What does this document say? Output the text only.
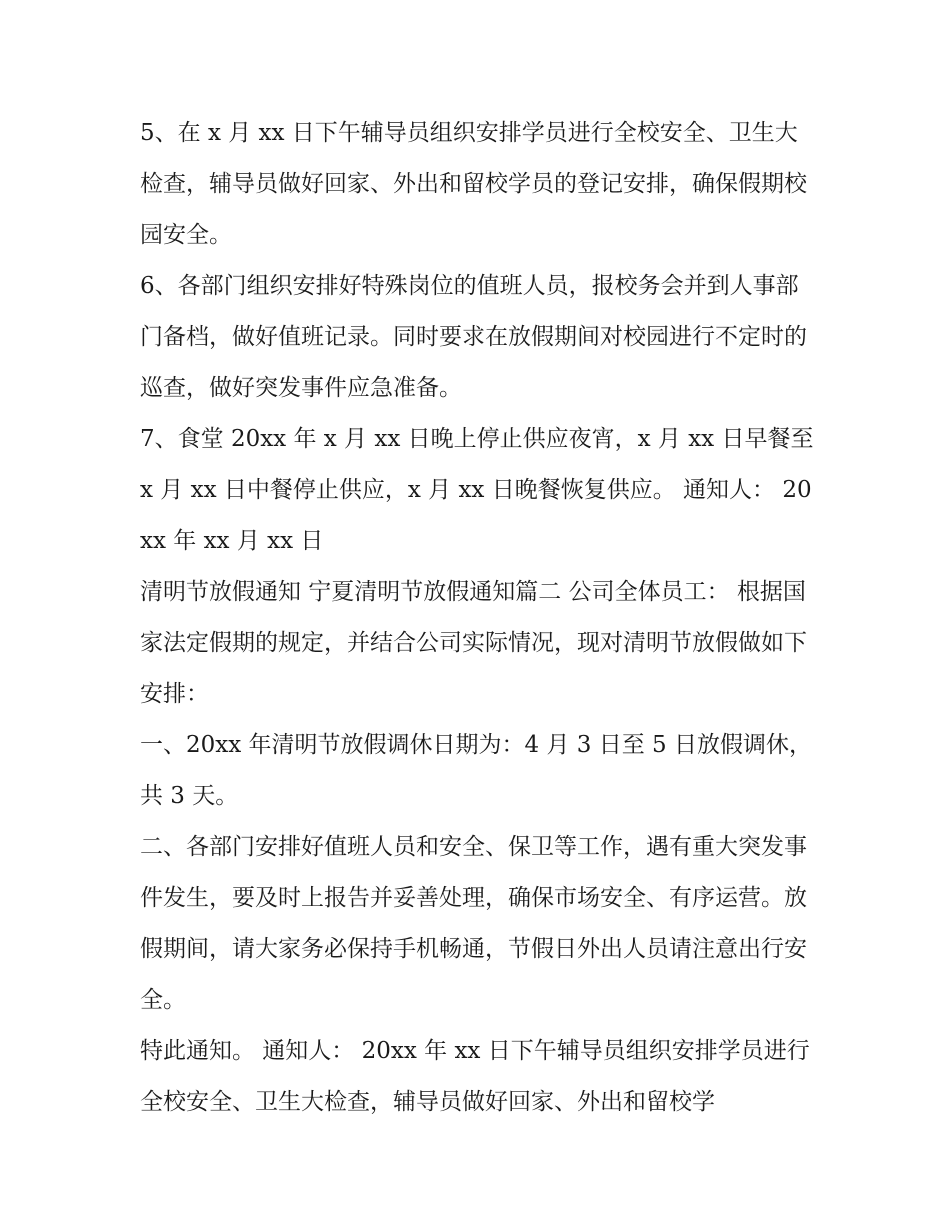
5、在 x 月 xx 日下午辅导员组织安排学员进行全校安全、卫生大检查，辅导员做好回家、外出和留校学员的登记安排，确保假期校园安全。

6、各部门组织安排好特殊岗位的值班人员，报校务会并到人事部门备档，做好值班记录。同时要求在放假期间对校园进行不定时的巡查，做好突发事件应急准备。

7、食堂 20xx 年 x 月 xx 日晚上停止供应夜宵，x 月 xx 日早餐至 x 月 xx 日中餐停止供应，x 月 xx 日晚餐恢复供应。 通知人： 20xx 年 xx 月 xx 日

清明节放假通知 宁夏清明节放假通知篇二 公司全体员工： 根据国家法定假期的规定，并结合公司实际情况，现对清明节放假做如下安排：

一、20xx 年清明节放假调休日期为：4 月 3 日至 5 日放假调休，共 3 天。

二、各部门安排好值班人员和安全、保卫等工作，遇有重大突发事件发生，要及时上报告并妥善处理，确保市场安全、有序运营。放假期间，请大家务必保持手机畅通，节假日外出人员请注意出行安全。

特此通知。 通知人： 20xx 年 xx 日下午辅导员组织安排学员进行全校安全、卫生大检查，辅导员做好回家、外出和留校学
